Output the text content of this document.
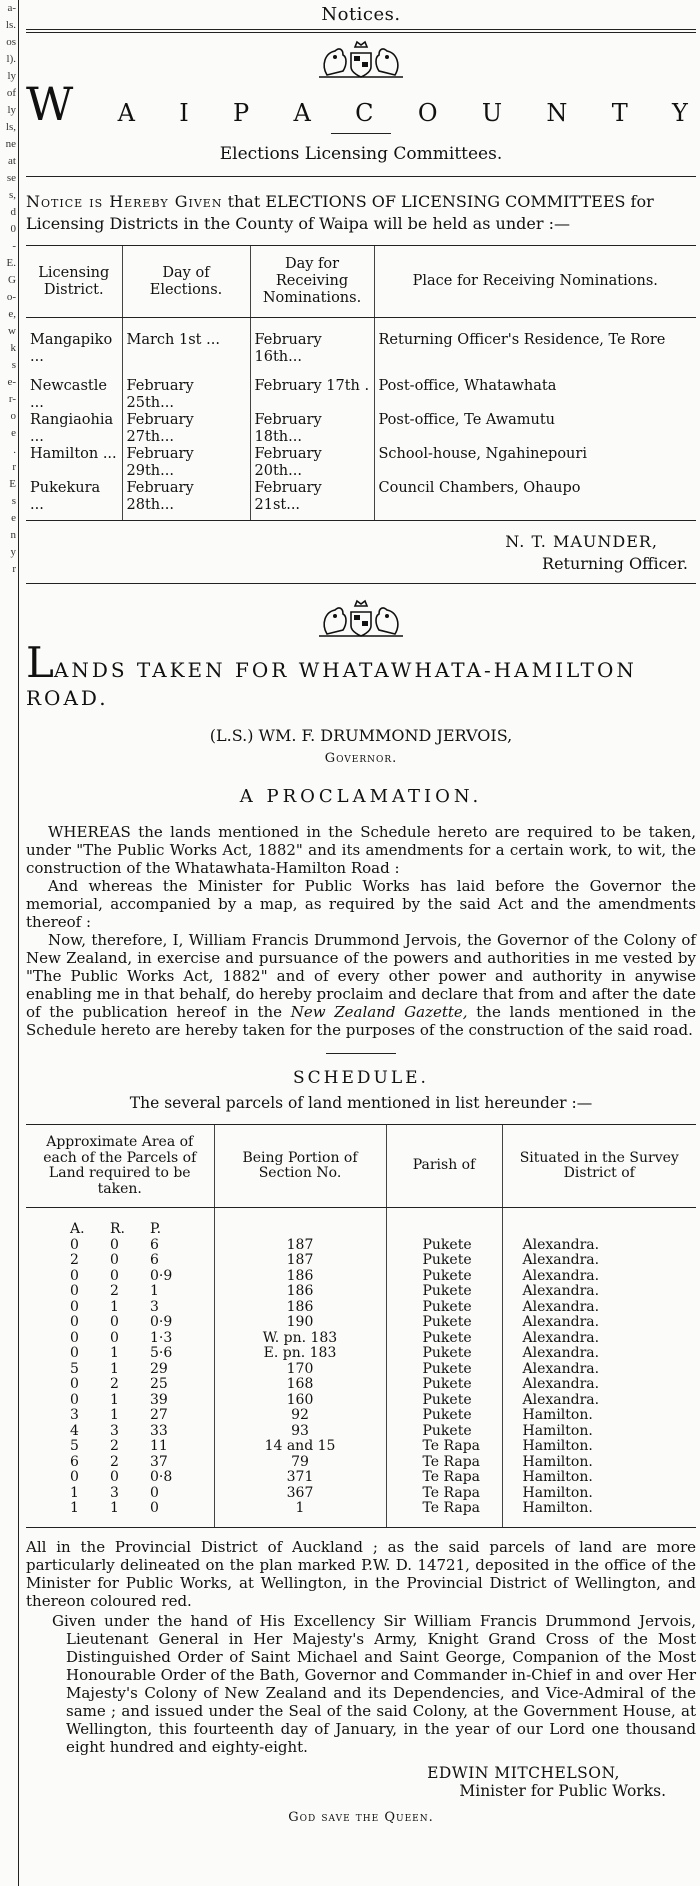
a-
ls.
os
l).
ly
of
ly
ls,
ne
at
se
s,
d
0
-
E.
G
o-
e,
w
k
s
e-
r-
o
e
.
r
E
s
e
n
y
r
Notices.
W A I P A C O U N T Y
Elections Licensing Committees.

Notice is Hereby Given that ELECTIONS OF LICENSING COMMITTEES for Licensing Districts in the County of Waipa will be held as under :—

Licensing District.	Day of Elections.	Day for Receiving Nominations.	Place for Receiving Nominations.
Mangapiko ...	March 1st ...	February 16th...	Returning Officer's Residence, Te Rore
Newcastle ...	February 25th...	February 17th .	Post-office, Whatawhata
Rangiaohia ...	February 27th...	February 18th...	Post-office, Te Awamutu
Hamilton ...	February 29th...	February 20th...	School-house, Ngahinepouri
Pukekura ...	February 28th...	February 21st...	Council Chambers, Ohaupo
N. T. MAUNDER,
Returning Officer.
LANDS TAKEN FOR WHATAWHATA-HAMILTON ROAD.
(L.S.) WM. F. DRUMMOND JERVOIS,
Governor.
A PROCLAMATION.

WHEREAS the lands mentioned in the Schedule hereto are required to be taken, under "The Public Works Act, 1882" and its amendments for a certain work, to wit, the construction of the Whatawhata-Hamilton Road :

And whereas the Minister for Public Works has laid before the Governor the memorial, accompanied by a map, as required by the said Act and the amendments thereof :

Now, therefore, I, William Francis Drummond Jervois, the Governor of the Colony of New Zealand, in exercise and pursuance of the powers and authorities in me vested by "The Public Works Act, 1882" and of every other power and authority in anywise enabling me in that behalf, do hereby proclaim and declare that from and after the date of the publication hereof in the New Zealand Gazette, the lands mentioned in the Schedule hereto are hereby taken for the purposes of the construction of the said road.

SCHEDULE.
The several parcels of land mentioned in list hereunder :—
Approximate Area of each of the Parcels of Land required to be taken.	Being Portion of Section No.	Parish of	Situated in the Survey District of

A. R. P.			

0 0 6	187	Pukete	Alexandra.

2 0 6	187	Pukete	Alexandra.

0 0 0·9	186	Pukete	Alexandra.

0 2 1	186	Pukete	Alexandra.

0 1 3	186	Pukete	Alexandra.

0 0 0·9	190	Pukete	Alexandra.

0 0 1·3	W. pn. 183	Pukete	Alexandra.

0 1 5·6	E. pn. 183	Pukete	Alexandra.

5 1 29	170	Pukete	Alexandra.

0 2 25	168	Pukete	Alexandra.

0 1 39	160	Pukete	Alexandra.

3 1 27	92	Pukete	Hamilton.

4 3 33	93	Pukete	Hamilton.

5 2 11	14 and 15	Te Rapa	Hamilton.

6 2 37	79	Te Rapa	Hamilton.

0 0 0·8	371	Te Rapa	Hamilton.

1 3 0	367	Te Rapa	Hamilton.

1 1 0	1	Te Rapa	Hamilton.

All in the Provincial District of Auckland ; as the said parcels of land are more particularly delineated on the plan marked P.W. D. 14721, deposited in the office of the Minister for Public Works, at Wellington, in the Provincial District of Wellington, and thereon coloured red.

Given under the hand of His Excellency Sir William Francis Drummond Jervois, Lieutenant General in Her Majesty's Army, Knight Grand Cross of the Most Distinguished Order of Saint Michael and Saint George, Companion of the Most Honourable Order of the Bath, Governor and Commander in-Chief in and over Her Majesty's Colony of New Zealand and its Dependencies, and Vice-Admiral of the same ; and issued under the Seal of the said Colony, at the Government House, at Wellington, this fourteenth day of January, in the year of our Lord one thousand eight hundred and eighty-eight.

EDWIN MITCHELSON,
Minister for Public Works.
God save the Queen.
